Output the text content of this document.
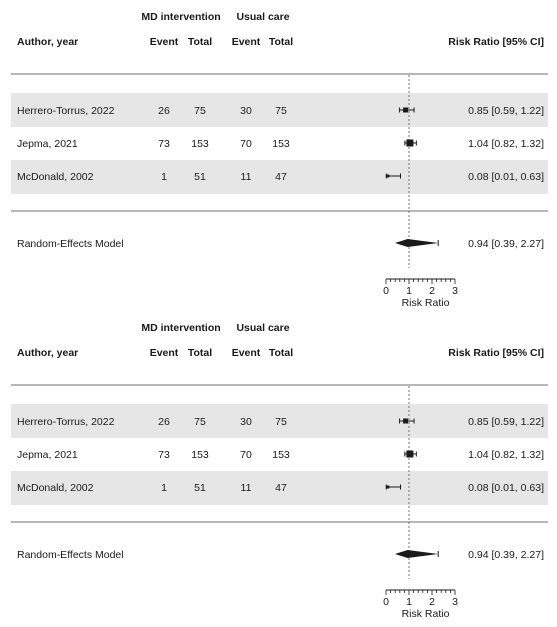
MD intervention Usual care
Author, year	Event Total Event Total	Risk Ratio [95% CI]
Herrero-Torrus, 2022	26 75	30 75	0.85 [0.59, 1.22]
Jepma, 2021	73 153	70 153	1.04 [0.82, 1.32]
McDonald, 2002	1	51	11 47	0.08 [0.01, 0.63]
Random-Effects Model	0.94 [0.39, 2.27]
0 1 2 3
Risk Ratio
MD intervention Usual care
Author, year	Event Total Event Total	Risk Ratio [95% CI]
Herrero-Torrus, 2022	26 75	30 75	0.85 [0.59, 1.22]
Jepma, 2021	73 153	70 153	1.04 [0.82, 1.32]
McDonald, 2002	1	51	11 47	0.08 [0.01, 0.63]
Random-Effects Model	0.94 [0.39, 2.27]
0 1 2 3
Risk Ratio
